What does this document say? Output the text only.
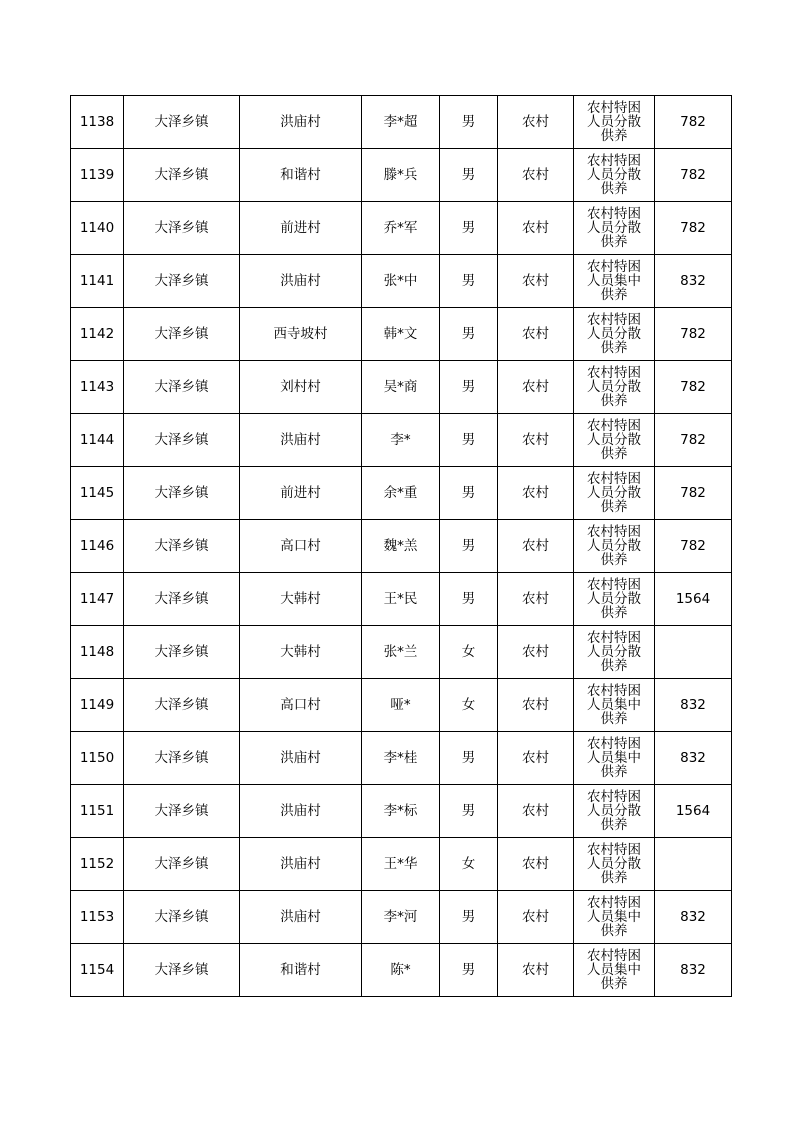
1138	大泽乡镇	洪庙村	李*超	男	农村	农村特困
人员分散
供养	782
1139	大泽乡镇	和谐村	滕*兵	男	农村	农村特困
人员分散
供养	782
1140	大泽乡镇	前进村	乔*军	男	农村	农村特困
人员分散
供养	782
1141	大泽乡镇	洪庙村	张*中	男	农村	农村特困
人员集中
供养	832
1142	大泽乡镇	西寺坡村	韩*文	男	农村	农村特困
人员分散
供养	782
1143	大泽乡镇	刘村村	吴*商	男	农村	农村特困
人员分散
供养	782
1144	大泽乡镇	洪庙村	李*	男	农村	农村特困
人员分散
供养	782
1145	大泽乡镇	前进村	余*重	男	农村	农村特困
人员分散
供养	782
1146	大泽乡镇	高口村	魏*羔	男	农村	农村特困
人员分散
供养	782
1147	大泽乡镇	大韩村	王*民	男	农村	农村特困
人员分散
供养	1564
1148	大泽乡镇	大韩村	张*兰	女	农村	农村特困
人员分散
供养	

1149	大泽乡镇	高口村	哑*	女	农村	农村特困
人员集中
供养	832
1150	大泽乡镇	洪庙村	李*桂	男	农村	农村特困
人员集中
供养	832
1151	大泽乡镇	洪庙村	李*标	男	农村	农村特困
人员分散
供养	1564
1152	大泽乡镇	洪庙村	王*华	女	农村	农村特困
人员分散
供养	

1153	大泽乡镇	洪庙村	李*河	男	农村	农村特困
人员集中
供养	832
1154	大泽乡镇	和谐村	陈*	男	农村	农村特困
人员集中
供养	832
